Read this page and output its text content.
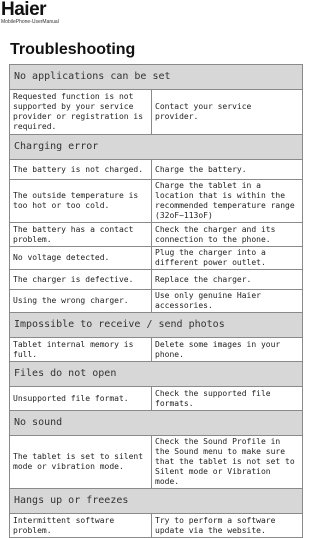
Haier
MobilePhone-UserManual
Troubleshooting
No applications can be set	
Requested function is not supported by your service provider or registration is required.	Contact your service provider.
Charging error	
The battery is not charged.	Charge the battery.
The outside temperature is too hot or too cold.	Charge the tablet in a location that is within the recommended temperature range (32oF~113oF)
The battery has a contact problem.	Check the charger and its connection to the phone.
No voltage detected.	Plug the charger into a different power outlet.
The charger is defective.	Replace the charger.
Using the wrong charger.	Use only genuine Haier accessories.
Impossible to receive / send photos	
Tablet internal memory is full.	Delete some images in your phone.
Files do not open	
Unsupported file format.	Check the supported file formats.
No sound	
The tablet is set to silent mode or vibration mode.	Check the Sound Profile in the Sound menu to make sure that the tablet is not set to Silent mode or Vibration mode.
Hangs up or freezes	
Intermittent software problem.	Try to perform a software update via the website.
